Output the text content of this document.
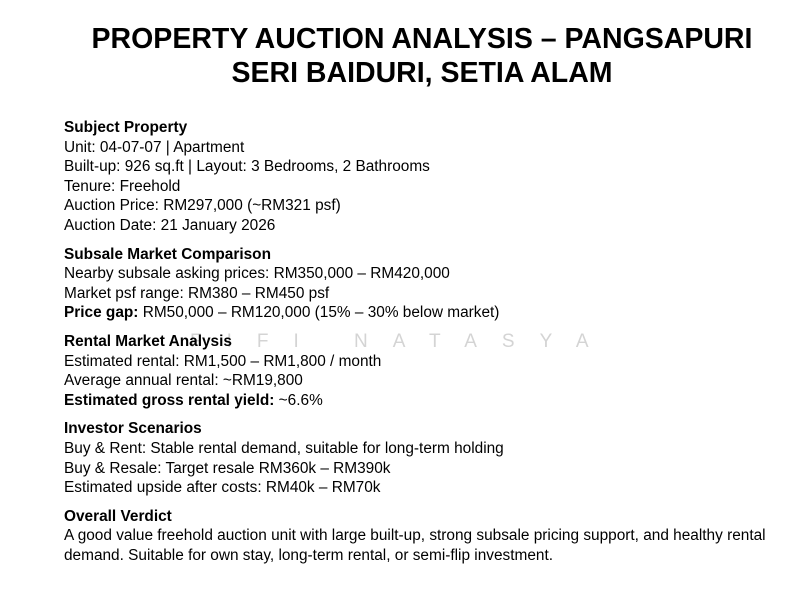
PROPERTY AUCTION ANALYSIS – PANGSAPURI
SERI BAIDURI, SETIA ALAM
FIFI NATASYA
Subject Property
Unit: 04-07-07 | Apartment
Built-up: 926 sq.ft | Layout: 3 Bedrooms, 2 Bathrooms
Tenure: Freehold
Auction Price: RM297,000 (~RM321 psf)
Auction Date: 21 January 2026
Subsale Market Comparison
Nearby subsale asking prices: RM350,000 – RM420,000
Market psf range: RM380 – RM450 psf
Price gap: RM50,000 – RM120,000 (15% – 30% below market)
Rental Market Analysis
Estimated rental: RM1,500 – RM1,800 / month
Average annual rental: ~RM19,800
Estimated gross rental yield: ~6.6%
Investor Scenarios
Buy & Rent: Stable rental demand, suitable for long-term holding
Buy & Resale: Target resale RM360k – RM390k
Estimated upside after costs: RM40k – RM70k
Overall Verdict
A good value freehold auction unit with large built-up, strong subsale pricing support, and healthy rental demand. Suitable for own stay, long-term rental, or semi-flip investment.
